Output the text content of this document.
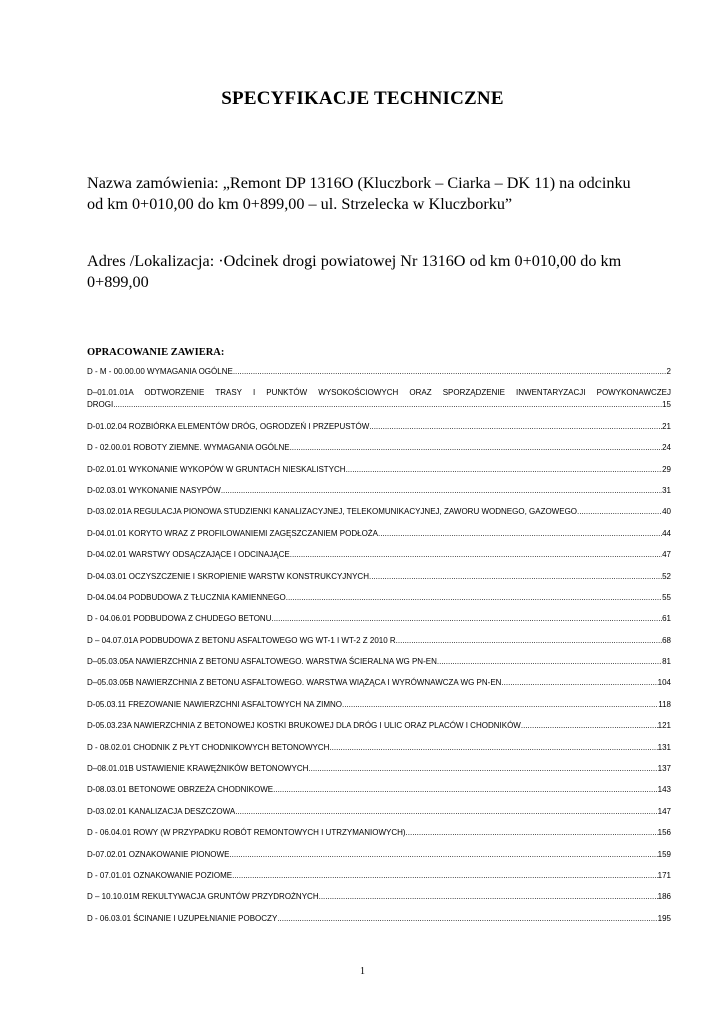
SPECYFIKACJE TECHNICZNE
Nazwa zamówienia: „Remont DP 1316O (Kluczbork – Ciarka – DK 11) na odcinku
od km 0+010,00 do km 0+899,00 – ul. Strzelecka w Kluczborku”
Adres /Lokalizacja: ·Odcinek drogi powiatowej Nr 1316O od km 0+010,00 do km
0+899,00
OPRACOWANIE ZAWIERA:
D - M - 00.00.00 WYMAGANIA OGÓLNE .....	2
D–01.01.01A ODTWORZENIE TRASY I PUNKTÓW WYSOKOŚCIOWYCH ORAZ SPORZĄDZENIE INWENTARYZACJI POWYKONAWCZEJ
DROGI .....	15
D-01.02.04 ROZBIÓRKA ELEMENTÓW DRÓG, OGRODZEŃ I PRZEPUSTÓW .....	21
D - 02.00.01 ROBOTY ZIEMNE. WYMAGANIA OGÓLNE .....	24
D-02.01.01 WYKONANIE WYKOPÓW W GRUNTACH NIESKALISTYCH .....	29
D-02.03.01 WYKONANIE NASYPÓW .....	31
D-03.02.01A REGULACJA PIONOWA STUDZIENKI KANALIZACYJNEJ, TELEKOMUNIKACYJNEJ, ZAWORU WODNEGO, GAZOWEGO .....	40
D-04.01.01 KORYTO WRAZ Z PROFILOWANIEMI ZAGĘSZCZANIEM PODŁOŻA .....	44
D-04.02.01 WARSTWY ODSĄCZAJĄCE I ODCINAJĄCE .....	47
D-04.03.01 OCZYSZCZENIE I SKROPIENIE WARSTW KONSTRUKCYJNYCH .....	52
D-04.04.04 PODBUDOWA Z TŁUCZNIA KAMIENNEGO .....	55
D - 04.06.01 PODBUDOWA Z CHUDEGO BETONU .....	61
D – 04.07.01A PODBUDOWA Z BETONU ASFALTOWEGO WG WT-1 I WT-2 Z 2010 R .....	68
D–05.03.05A NAWIERZCHNIA Z BETONU ASFALTOWEGO. WARSTWA ŚCIERALNA WG PN-EN .....	81
D–05.03.05B NAWIERZCHNIA Z BETONU ASFALTOWEGO. WARSTWA WIĄŻĄCA I WYRÓWNAWCZA WG PN-EN .....	104
D-05.03.11 FREZOWANIE NAWIERZCHNI ASFALTOWYCH NA ZIMNO .....	118
D-05.03.23A NAWIERZCHNIA Z BETONOWEJ KOSTKI BRUKOWEJ DLA DRÓG I ULIC ORAZ PLACÓW I CHODNIKÓW .....	121
D - 08.02.01 CHODNIK Z PŁYT CHODNIKOWYCH BETONOWYCH .....	131
D–08.01.01B USTAWIENIE KRAWĘŻNIKÓW BETONOWYCH .....	137
D-08.03.01 BETONOWE OBRZEŻA CHODNIKOWE .....	143
D-03.02.01 KANALIZACJA DESZCZOWA .....	147
D - 06.04.01 ROWY (W PRZYPADKU ROBÓT REMONTOWYCH I UTRZYMANIOWYCH) .....	156
D-07.02.01 OZNAKOWANIE PIONOWE .....	159
D - 07.01.01 OZNAKOWANIE POZIOME .....	171
D – 10.10.01M REKULTYWACJA GRUNTÓW PRZYDROŻNYCH .....	186
D - 06.03.01 ŚCINANIE I UZUPEŁNIANIE POBOCZY .....	195
1
